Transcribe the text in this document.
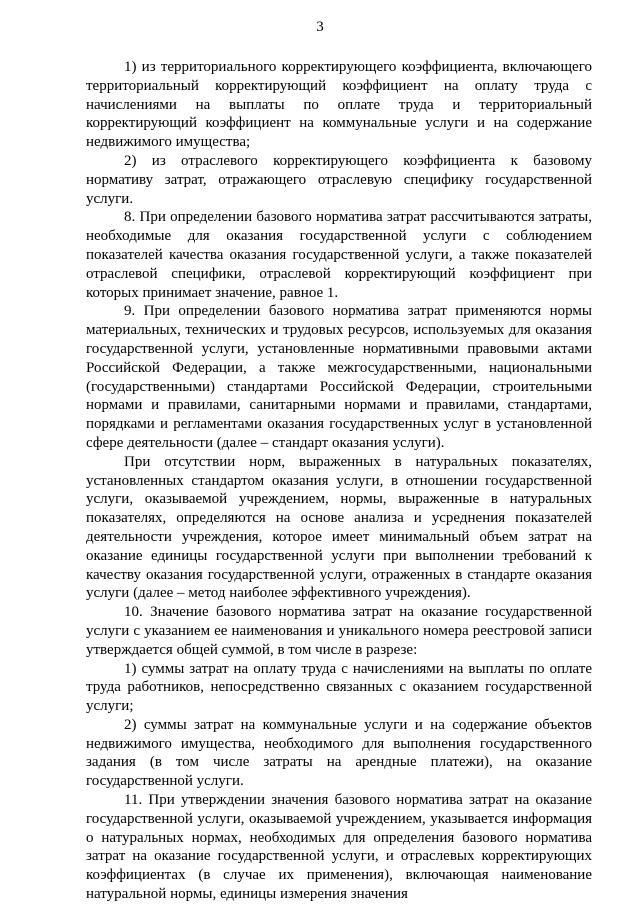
3

1) из территориального корректирующего коэффициента, включающего территориальный корректирующий коэффициент на оплату труда с начислениями на выплаты по оплате труда и территориальный корректирующий коэффициент на коммунальные услуги и на содержание недвижимого имущества;

2) из отраслевого корректирующего коэффициента к базовому нормативу затрат, отражающего отраслевую специфику государственной услуги.

8. При определении базового норматива затрат рассчитываются затраты, необходимые для оказания государственной услуги с соблюдением показателей качества оказания государственной услуги, а также показателей отраслевой специфики, отраслевой корректирующий коэффициент при которых принимает значение, равное 1.

9. При определении базового норматива затрат применяются нормы материальных, технических и трудовых ресурсов, используемых для оказания государственной услуги, установленные нормативными правовыми актами Российской Федерации, а также межгосударственными, национальными (государственными) стандартами Российской Федерации, строительными нормами и правилами, санитарными нормами и правилами, стандартами, порядками и регламентами оказания государственных услуг в установленной сфере деятельности (далее – стандарт оказания услуги).

При отсутствии норм, выраженных в натуральных показателях, установленных стандартом оказания услуги, в отношении государственной услуги, оказываемой учреждением, нормы, выраженные в натуральных показателях, определяются на основе анализа и усреднения показателей деятельности учреждения, которое имеет минимальный объем затрат на оказание единицы государственной услуги при выполнении требований к качеству оказания государственной услуги, отраженных в стандарте оказания услуги (далее – метод наиболее эффективного учреждения).

10. Значение базового норматива затрат на оказание государственной услуги с указанием ее наименования и уникального номера реестровой записи утверждается общей суммой, в том числе в разрезе:

1) суммы затрат на оплату труда с начислениями на выплаты по оплате труда работников, непосредственно связанных с оказанием государственной услуги;

2) суммы затрат на коммунальные услуги и на содержание объектов недвижимого имущества, необходимого для выполнения государственного задания (в том числе затраты на арендные платежи), на оказание государственной услуги.

11. При утверждении значения базового норматива затрат на оказание государственной услуги, оказываемой учреждением, указывается информация о натуральных нормах, необходимых для определения базового норматива затрат на оказание государственной услуги, и отраслевых корректирующих коэффициентах (в случае их применения), включающая наименование натуральной нормы, единицы измерения значения
